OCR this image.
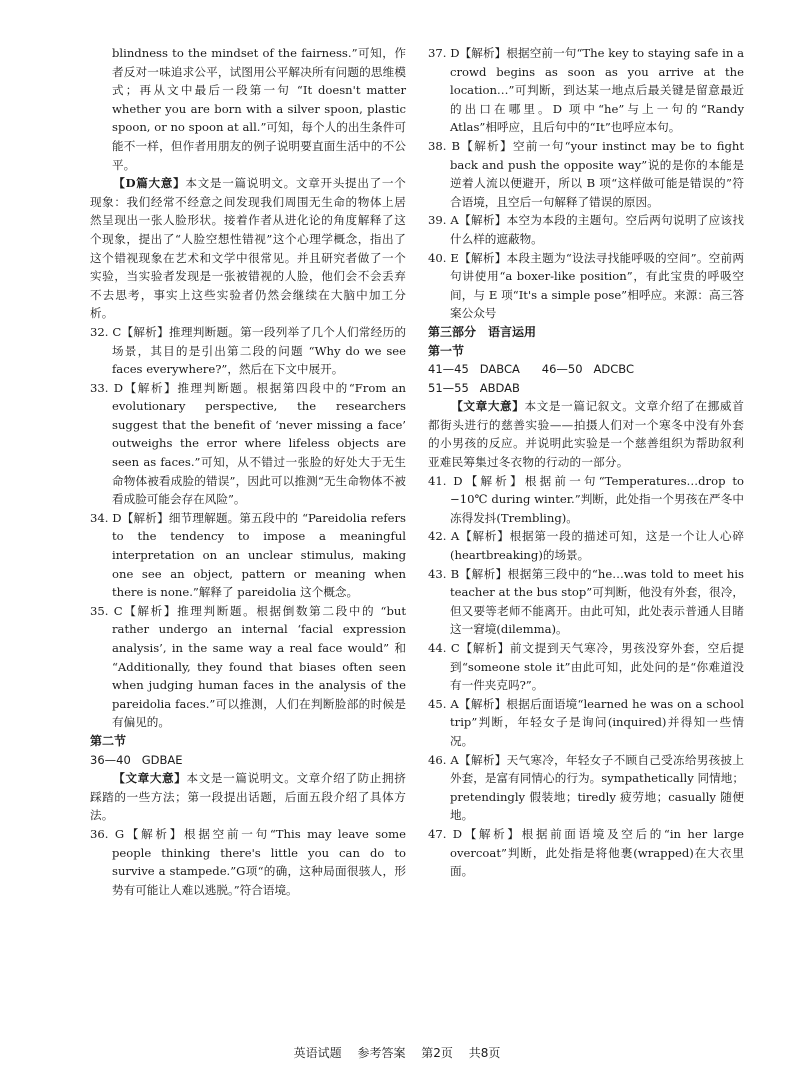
blindness to the mindset of the fairness.”可知，作者反对一味追求公平，试图用公平解决所有问题的思维模式；再从文中最后一段第一句 “It doesn't matter whether you are born with a silver spoon, plastic spoon, or no spoon at all.”可知，每个人的出生条件可能不一样，但作者用朋友的例子说明要直面生活中的不公平。

【D篇大意】本文是一篇说明文。文章开头提出了一个现象：我们经常不经意之间发现我们周围无生命的物体上居然呈现出一张人脸形状。接着作者从进化论的角度解释了这个现象，提出了“人脸空想性错视”这个心理学概念，指出了这个错视现象在艺术和文学中很常见。并且研究者做了一个实验，当实验者发现是一张被错视的人脸，他们会不会丢弃不去思考，事实上这些实验者仍然会继续在大脑中加工分析。

32. C【解析】推理判断题。第一段列举了几个人们常经历的场景，其目的是引出第二段的问题 “Why do we see faces everywhere?”，然后在下文中展开。

33. D【解析】推理判断题。根据第四段中的“From an evolutionary perspective, the researchers suggest that the benefit of ‘never missing a face’ outweighs the error where lifeless objects are seen as faces.”可知，从不错过一张脸的好处大于无生命物体被看成脸的错误”，因此可以推测“无生命物体不被看成脸可能会存在风险”。

34. D【解析】细节理解题。第五段中的 “Pareidolia refers to the tendency to impose a meaningful interpretation on an unclear stimulus, making one see an object, pattern or meaning when there is none.”解释了 pareidolia 这个概念。

35. C【解析】推理判断题。根据倒数第二段中的 “but rather undergo an internal ‘facial expression analysis’, in the same way a real face would” 和 “Additionally, they found that biases often seen when judging human faces in the analysis of the pareidolia faces.”可以推测，人们在判断脸部的时候是有偏见的。

第二节

36—40   GDBAE

【文章大意】本文是一篇说明文。文章介绍了防止拥挤踩踏的一些方法；第一段提出话题，后面五段介绍了具体方法。

36. G【解析】根据空前一句“This may leave some people thinking there's little you can do to survive a stampede.”G项“的确，这种局面很骇人，形势有可能让人难以逃脱。”符合语境。

37. D【解析】根据空前一句“The key to staying safe in a crowd begins as soon as you arrive at the location…”可判断，到达某一地点后最关键是留意最近的出口在哪里。D 项中“he”与上一句的“Randy Atlas”相呼应，且后句中的“It”也呼应本句。

38. B【解析】空前一句“your instinct may be to fight back and push the opposite way”说的是你的本能是逆着人流以便避开，所以 B 项“这样做可能是错误的”符合语境，且空后一句解释了错误的原因。

39. A【解析】本空为本段的主题句。空后两句说明了应该找什么样的遮蔽物。

40. E【解析】本段主题为“设法寻找能呼吸的空间”。空前两句讲使用“a boxer-like position”，有此宝贵的呼吸空间，与 E 项“It's a simple pose”相呼应。来源：高三答案公众号

第三部分　语言运用

第一节

41—45   DABCA      46—50   ADCBC

51—55   ABDAB

【文章大意】本文是一篇记叙文。文章介绍了在挪威首都街头进行的慈善实验——拍摄人们对一个寒冬中没有外套的小男孩的反应。并说明此实验是一个慈善组织为帮助叙利亚难民筹集过冬衣物的行动的一部分。

41. D【解析】根据前一句“Temperatures…drop to −10℃ during winter.”判断，此处指一个男孩在严冬中冻得发抖(Trembling)。

42. A【解析】根据第一段的描述可知，这是一个让人心碎(heartbreaking)的场景。

43. B【解析】根据第三段中的“he…was told to meet his teacher at the bus stop”可判断，他没有外套，很冷，但又要等老师不能离开。由此可知，此处表示普通人目睹这一窘境(dilemma)。

44. C【解析】前文提到天气寒冷，男孩没穿外套，空后提到“someone stole it”由此可知，此处问的是“你难道没有一件夹克吗?”。

45. A【解析】根据后面语境“learned he was on a school trip”判断，年轻女子是询问(inquired)并得知一些情况。

46. A【解析】天气寒冷，年轻女子不顾自己受冻给男孩披上外套，是富有同情心的行为。sympathetically 同情地；pretendingly 假装地；tiredly 疲劳地；casually 随便地。

47. D【解析】根据前面语境及空后的“in her large overcoat”判断，此处指是将他裹(wrapped)在大衣里面。

英语试题 参考答案 第2页 共8页
